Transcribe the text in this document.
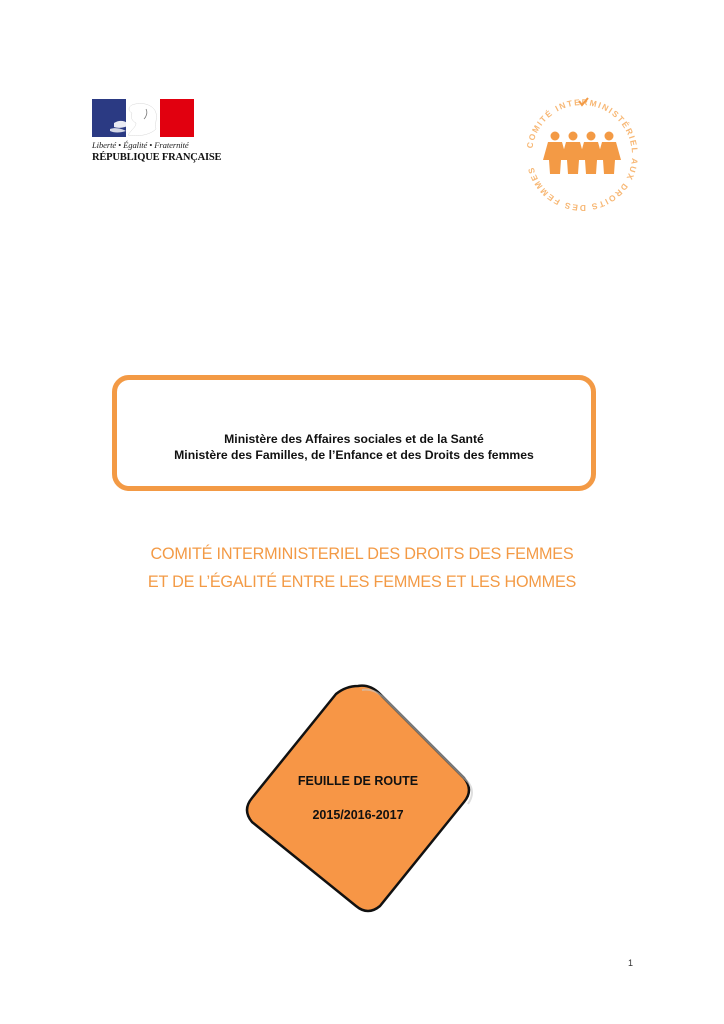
Liberté • Égalité • Fraternité
RÉPUBLIQUE FRANÇAISE
COMITÉ INTERMINISTÉRIEL AUX DROITS DES FEMMES
Ministère des Affaires sociales et de la Santé
Ministère des Familles, de l’Enfance et des Droits des femmes
COMITÉ INTERMINISTERIEL DES DROITS DES FEMMES
ET DE L’ÉGALITÉ ENTRE LES FEMMES ET LES HOMMES
FEUILLE DE ROUTE
2015/2016-2017
1
